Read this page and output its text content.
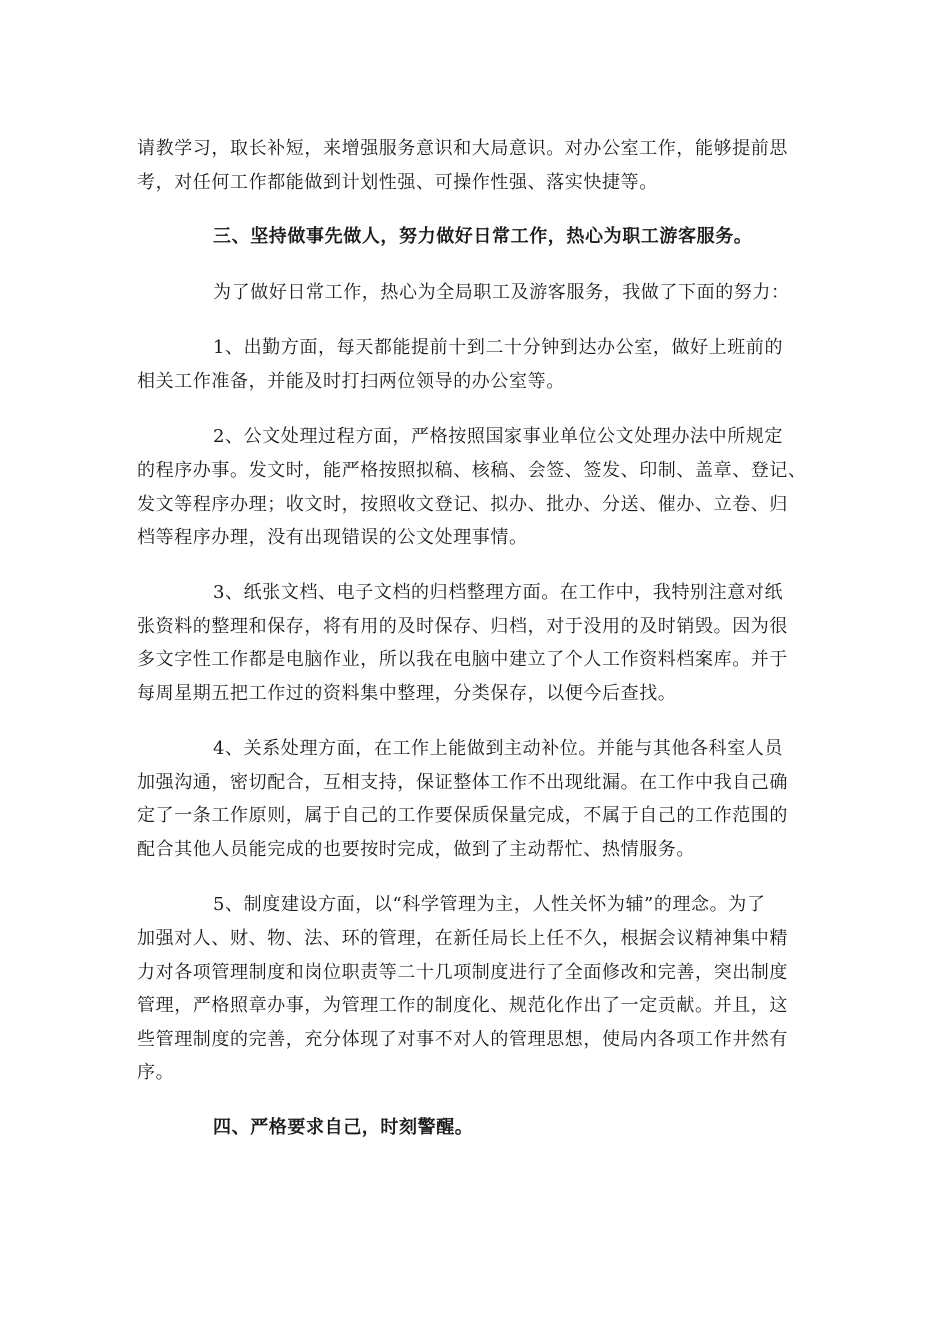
请教学习，取长补短，来增强服务意识和大局意识。对办公室工作，能够提前思
考，对任何工作都能做到计划性强、可操作性强、落实快捷等。
三、坚持做事先做人，努力做好日常工作，热心为职工游客服务。
为了做好日常工作，热心为全局职工及游客服务，我做了下面的努力：
1、出勤方面，每天都能提前十到二十分钟到达办公室，做好上班前的
相关工作准备，并能及时打扫两位领导的办公室等。
2、公文处理过程方面，严格按照国家事业单位公文处理办法中所规定
的程序办事。发文时，能严格按照拟稿、核稿、会签、签发、印制、盖章、登记、
发文等程序办理；收文时，按照收文登记、拟办、批办、分送、催办、立卷、归
档等程序办理，没有出现错误的公文处理事情。
3、纸张文档、电子文档的归档整理方面。在工作中，我特别注意对纸
张资料的整理和保存，将有用的及时保存、归档，对于没用的及时销毁。因为很
多文字性工作都是电脑作业，所以我在电脑中建立了个人工作资料档案库。并于
每周星期五把工作过的资料集中整理，分类保存，以便今后查找。
4、关系处理方面，在工作上能做到主动补位。并能与其他各科室人员
加强沟通，密切配合，互相支持，保证整体工作不出现纰漏。在工作中我自己确
定了一条工作原则，属于自己的工作要保质保量完成，不属于自己的工作范围的
配合其他人员能完成的也要按时完成，做到了主动帮忙、热情服务。
5、制度建设方面，以“科学管理为主，人性关怀为辅”的理念。为了
加强对人、财、物、法、环的管理，在新任局长上任不久，根据会议精神集中精
力对各项管理制度和岗位职责等二十几项制度进行了全面修改和完善，突出制度
管理，严格照章办事，为管理工作的制度化、规范化作出了一定贡献。并且，这
些管理制度的完善，充分体现了对事不对人的管理思想，使局内各项工作井然有
序。
四、严格要求自己，时刻警醒。
